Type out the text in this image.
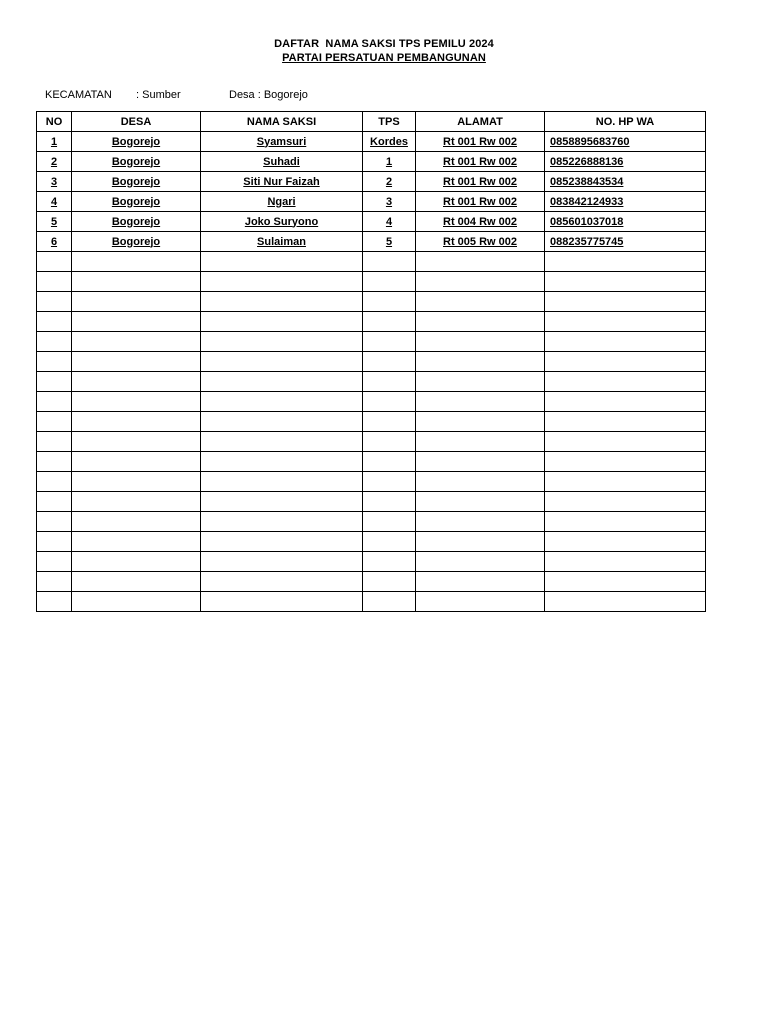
DAFTAR  NAMA SAKSI TPS PEMILU 2024
PARTAI PERSATUAN PEMBANGUNAN
KECAMATAN : Sumber	Desa : Bogorejo
NO	DESA	NAMA SAKSI	TPS	ALAMAT	NO. HP WA
1	Bogorejo	Syamsuri	Kordes	Rt 001 Rw 002	0858895683760
2	Bogorejo	Suhadi	1	Rt 001 Rw 002	085226888136
3	Bogorejo	Siti Nur Faizah	2	Rt 001 Rw 002	085238843534
4	Bogorejo	Ngari	3	Rt 001 Rw 002	083842124933
5	Bogorejo	Joko Suryono	4	Rt 004 Rw 002	085601037018
6	Bogorejo	Sulaiman	5	Rt 005 Rw 002	088235775745
